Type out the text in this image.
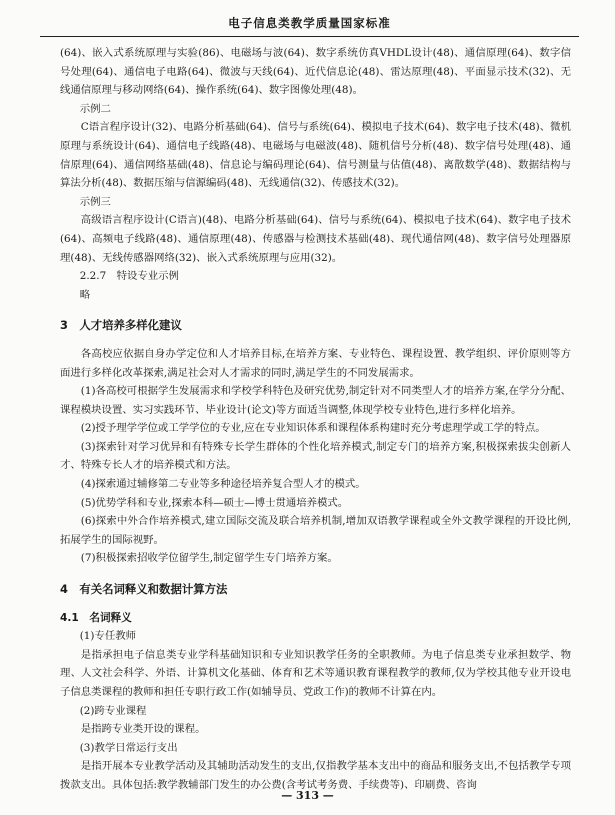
电子信息类教学质量国家标准

(64)、嵌入式系统原理与实验(86)、电磁场与波(64)、数字系统仿真VHDL设计(48)、通信原理(64)、数字信号处理(64)、通信电子电路(64)、微波与天线(64)、近代信息论(48)、雷达原理(48)、平面显示技术(32)、无线通信原理与移动网络(64)、操作系统(64)、数字图像处理(48)。

示例二

C语言程序设计(32)、电路分析基础(64)、信号与系统(64)、模拟电子技术(64)、数字电子技术(48)、微机原理与系统设计(64)、通信电子线路(48)、电磁场与电磁波(48)、随机信号分析(48)、数字信号处理(48)、通信原理(64)、通信网络基础(48)、信息论与编码理论(64)、信号测量与估值(48)、离散数学(48)、数据结构与算法分析(48)、数据压缩与信源编码(48)、无线通信(32)、传感技术(32)。

示例三

高级语言程序设计(C语言)(48)、电路分析基础(64)、信号与系统(64)、模拟电子技术(64)、数字电子技术(64)、高频电子线路(48)、通信原理(48)、传感器与检测技术基础(48)、现代通信网(48)、数字信号处理器原理(48)、无线传感器网络(32)、嵌入式系统原理与应用(32)。

2.2.7　特设专业示例

略

3　人才培养多样化建议

各高校应依据自身办学定位和人才培养目标,在培养方案、专业特色、课程设置、教学组织、评价原则等方面进行多样化改革探索,满足社会对人才需求的同时,满足学生的不同发展需求。

(1)各高校可根据学生发展需求和学校学科特色及研究优势,制定针对不同类型人才的培养方案,在学分分配、课程模块设置、实习实践环节、毕业设计(论文)等方面适当调整,体现学校专业特色,进行多样化培养。

(2)授予理学学位或工学学位的专业,应在专业知识体系和课程体系构建时充分考虑理学或工学的特点。

(3)探索针对学习优异和有特殊专长学生群体的个性化培养模式,制定专门的培养方案,积极探索拔尖创新人才、特殊专长人才的培养模式和方法。

(4)探索通过辅修第二专业等多种途径培养复合型人才的模式。

(5)优势学科和专业,探索本科—硕士—博士贯通培养模式。

(6)探索中外合作培养模式,建立国际交流及联合培养机制,增加双语教学课程或全外文教学课程的开设比例,拓展学生的国际视野。

(7)积极探索招收学位留学生,制定留学生专门培养方案。

4　有关名词释义和数据计算方法

4.1　名词释义

(1)专任教师

是指承担电子信息类专业学科基础知识和专业知识教学任务的全职教师。为电子信息类专业承担数学、物理、人文社会科学、外语、计算机文化基础、体育和艺术等通识教育课程教学的教师,仅为学校其他专业开设电子信息类课程的教师和担任专职行政工作(如辅导员、党政工作)的教师不计算在内。

(2)跨专业课程

是指跨专业类开设的课程。

(3)教学日常运行支出

是指开展本专业教学活动及其辅助活动发生的支出,仅指教学基本支出中的商品和服务支出,不包括教学专项拨款支出。具体包括:教学教辅部门发生的办公费(含考试考务费、手续费等)、印刷费、咨询

— 313 —
